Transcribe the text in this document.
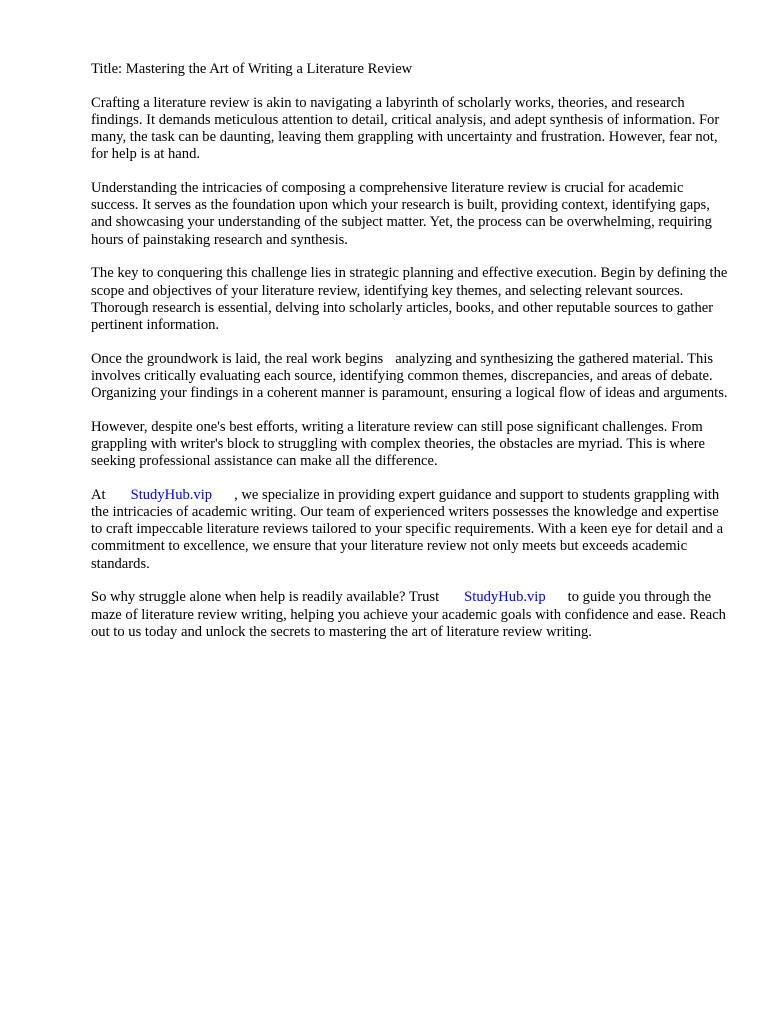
Title: Mastering the Art of Writing a Literature Review

Crafting a literature review is akin to navigating a labyrinth of scholarly works, theories, and research findings. It demands meticulous attention to detail, critical analysis, and adept synthesis of information. For many, the task can be daunting, leaving them grappling with uncertainty and frustration. However, fear not, for help is at hand.

Understanding the intricacies of composing a comprehensive literature review is crucial for academic success. It serves as the foundation upon which your research is built, providing context, identifying gaps, and showcasing your understanding of the subject matter. Yet, the process can be overwhelming, requiring hours of painstaking research and synthesis.

The key to conquering this challenge lies in strategic planning and effective execution. Begin by defining the scope and objectives of your literature review, identifying key themes, and selecting relevant sources. Thorough research is essential, delving into scholarly articles, books, and other reputable sources to gather pertinent information.

Once the groundwork is laid, the real work begins analyzing and synthesizing the gathered material. This involves critically evaluating each source, identifying common themes, discrepancies, and areas of debate. Organizing your findings in a coherent manner is paramount, ensuring a logical flow of ideas and arguments.

However, despite one's best efforts, writing a literature review can still pose significant challenges. From grappling with writer's block to struggling with complex theories, the obstacles are myriad. This is where seeking professional assistance can make all the difference.

At StudyHub.vip , we specialize in providing expert guidance and support to students grappling with the intricacies of academic writing. Our team of experienced writers possesses the knowledge and expertise to craft impeccable literature reviews tailored to your specific requirements. With a keen eye for detail and a commitment to excellence, we ensure that your literature review not only meets but exceeds academic standards.

So why struggle alone when help is readily available? Trust StudyHub.vip to guide you through the maze of literature review writing, helping you achieve your academic goals with confidence and ease. Reach out to us today and unlock the secrets to mastering the art of literature review writing.
